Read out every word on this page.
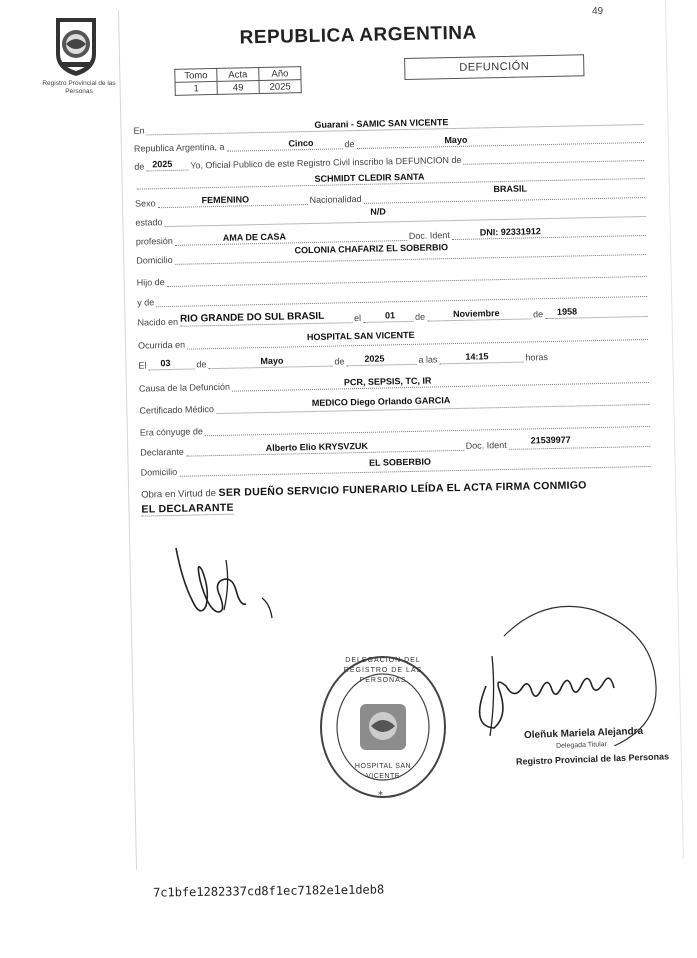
49
Registro Provincial de las Personas
REPUBLICA ARGENTINA
Tomo	Acta	Año
1	49	2025
DEFUNCIÓN
En
Guarani - SAMIC SAN VICENTE
Republica Argentina, a	Cinco	de	Mayo
de 2025 Yo, Oficial Publico de este Registro Civil inscribo la DEFUNCION de
SCHMIDT CLEDIR SANTA
Sexo	FEMENINO	Nacionalidad
BRASIL
estado
N/D
profesión	AMA DE CASA	Doc. Ident	DNI: 92331912
Domicilio
COLONIA CHAFARIZ EL SOBERBIO
Hijo de
y de
Nacido en RIO GRANDE DO SUL BRASIL	el	01 de	Noviembre	de 1958
Ocurrida en
HOSPITAL SAN VICENTE
El 03	de	Mayo	de 2025	a las	14:15	horas
Causa de la Defunción
PCR, SEPSIS, TC, IR
Certificado Médico
MEDICO Diego Orlando GARCIA
Era cónyuge de
Declarante	Alberto Elio KRYSVZUK	Doc. Ident	21539977
Domicilio
EL SOBERBIO
Obra en Virtud de SER DUEÑO SERVICIO FUNERARIO LEÍDA EL ACTA FIRMA CONMIGO
EL DECLARANTE
*
DELEGACION DEL REGISTRO DE LAS PERSONAS
HOSPITAL SAN VICENTE
Oleñuk Mariela Alejandra
Delegada Titular
Registro Provincial de las Personas
7c1bfe1282337cd8f1ec7182e1e1deb8
